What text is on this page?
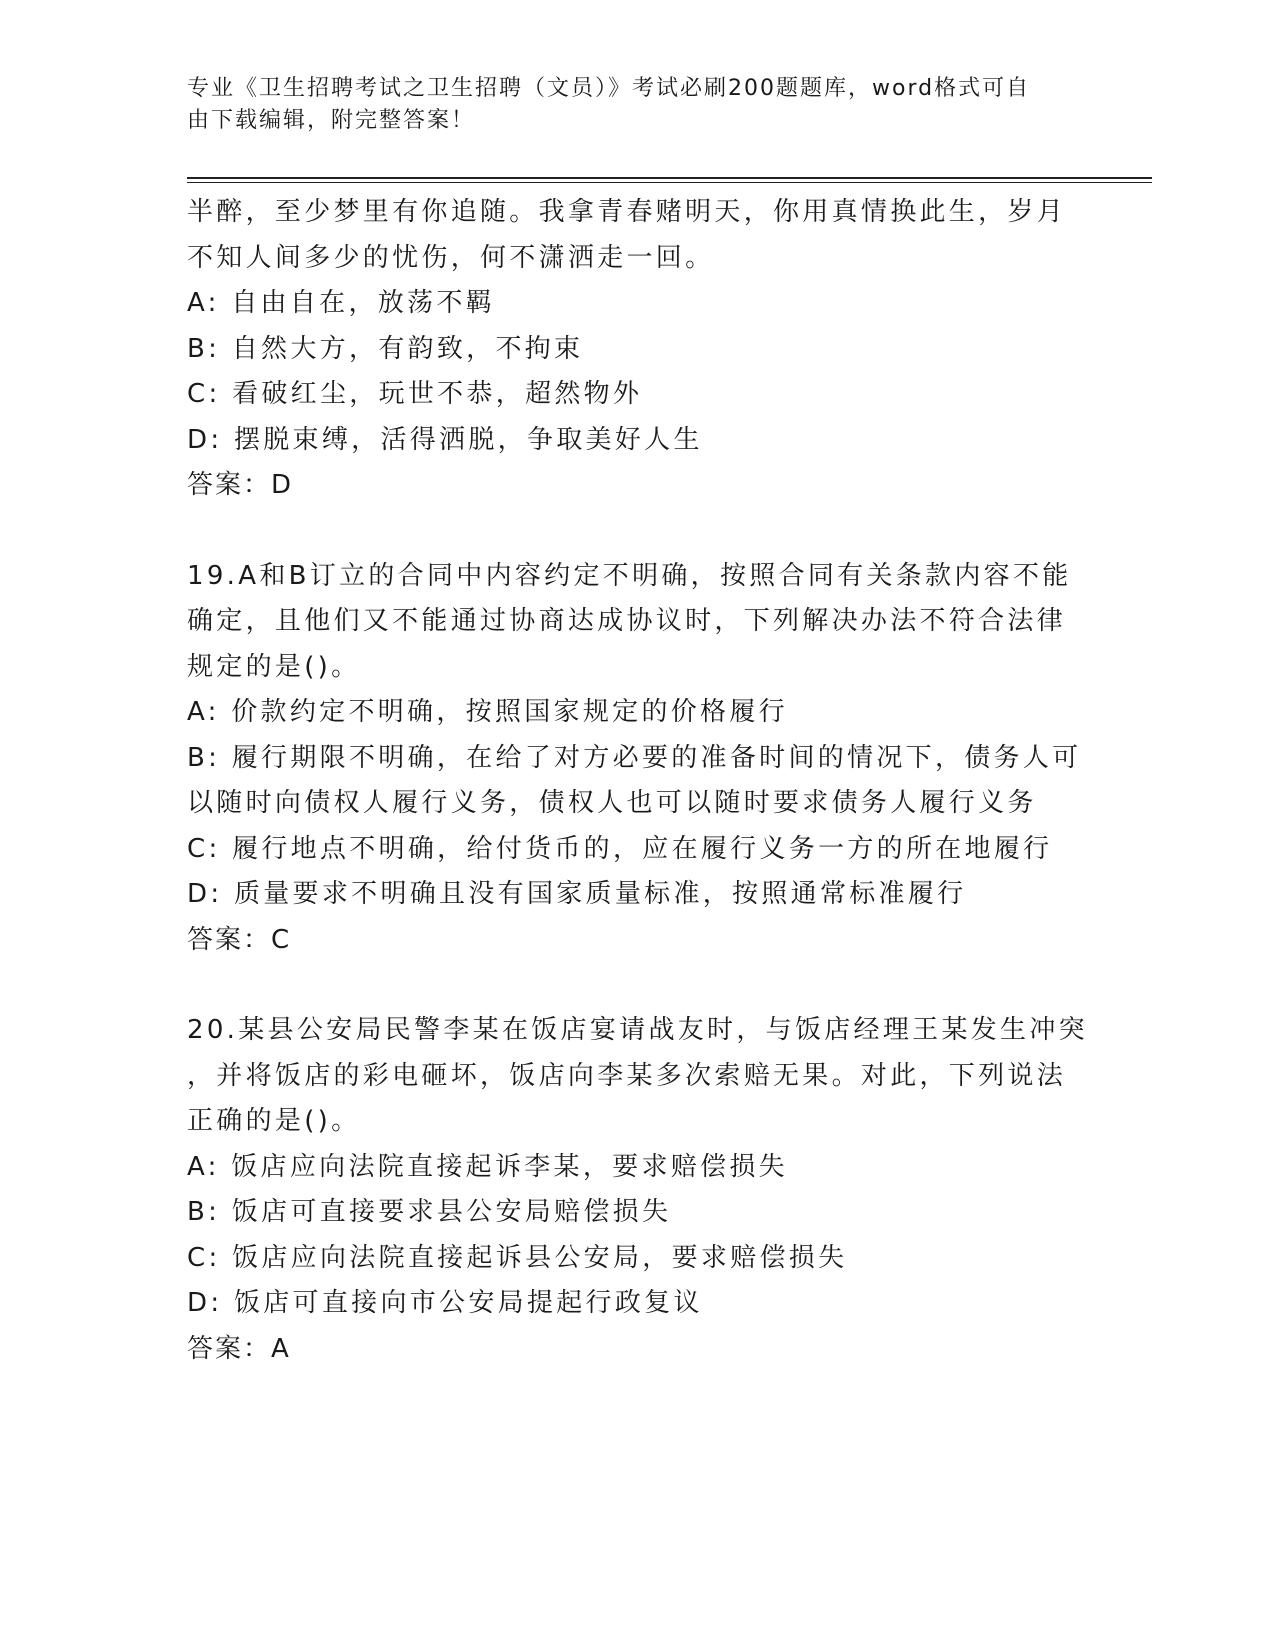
专业《卫生招聘考试之卫生招聘（文员）》考试必刷200题题库，word格式可自
由下载编辑，附完整答案！
半醉，至少梦里有你追随。我拿青春赌明天，你用真情换此生，岁月
不知人间多少的忧伤，何不潇洒走一回。
A: 自由自在，放荡不羁
B: 自然大方，有韵致，不拘束
C: 看破红尘，玩世不恭，超然物外
D: 摆脱束缚，活得洒脱，争取美好人生
答案：D
19.A和B订立的合同中内容约定不明确，按照合同有关条款内容不能
确定，且他们又不能通过协商达成协议时，下列解决办法不符合法律
规定的是()。
A: 价款约定不明确，按照国家规定的价格履行
B: 履行期限不明确，在给了对方必要的准备时间的情况下，债务人可
以随时向债权人履行义务，债权人也可以随时要求债务人履行义务
C: 履行地点不明确，给付货币的，应在履行义务一方的所在地履行
D: 质量要求不明确且没有国家质量标准，按照通常标准履行
答案：C
20.某县公安局民警李某在饭店宴请战友时，与饭店经理王某发生冲突
，并将饭店的彩电砸坏，饭店向李某多次索赔无果。对此，下列说法
正确的是()。
A: 饭店应向法院直接起诉李某，要求赔偿损失
B: 饭店可直接要求县公安局赔偿损失
C: 饭店应向法院直接起诉县公安局，要求赔偿损失
D: 饭店可直接向市公安局提起行政复议
答案：A
